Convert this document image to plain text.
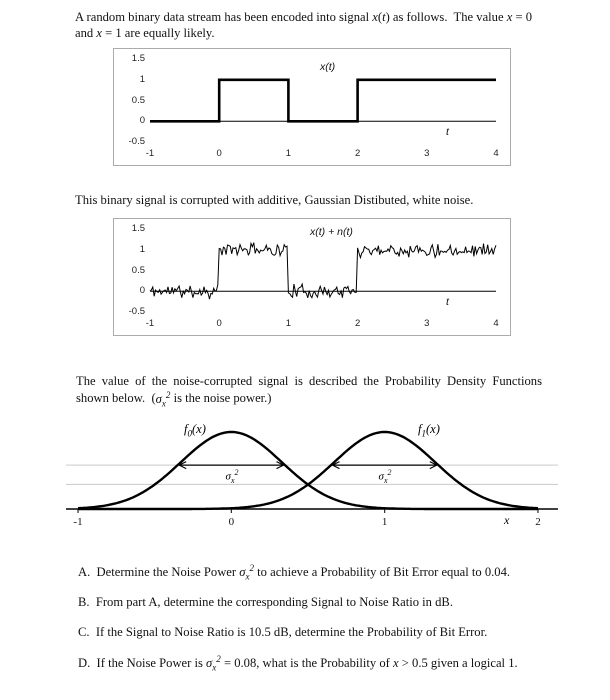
A random binary data stream has been encoded into signal x(t) as follows.  The value x = 0 and x = 1 are equally likely.

x(t)
t
1.5
1
0.5
0
-0.5
-1	0	1	2	3	4

This binary signal is corrupted with additive, Gaussian Distibuted, white noise.

x(t) + n(t)
t
1.5
1
0.5
0
-0.5
-1	0	1	2	3	4

The value of the noise-corrupted signal is described the Probability Density Functions shown below.  ($\sigma_x^2$ is the noise power.)

$f_0(x)$	$f_1(x)$
$\sigma_x^2$	$\sigma_x^2$
x
-1	0	1	2

A.  Determine the Noise Power $\sigma_x^2$ to achieve a Probability of Bit Error equal to 0.04.

B.  From part A, determine the corresponding Signal to Noise Ratio in dB.

C.  If the Signal to Noise Ratio is 10.5 dB, determine the Probability of Bit Error.

D.  If the Noise Power is $\sigma_x^2 = 0.08$, what is the Probability of x > 0.5 given a logical 1.
